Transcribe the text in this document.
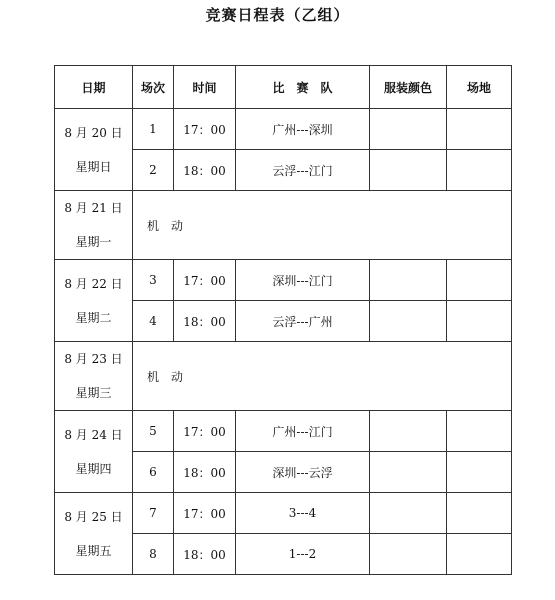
竞赛日程表（乙组）
日期	场次	时间	比　赛　队	服装颜色	场地

8 月 20 日
星期日	1	17：00	广州---深圳		
	2	18：00	云浮---江门		

8 月 21 日
星期一	机动				

8 月 22 日
星期二	3	17：00	深圳---江门		
	4	18：00	云浮---广州		

8 月 23 日
星期三	机动				

8 月 24 日
星期四	5	17：00	广州---江门		
	6	18：00	深圳---云浮		

8 月 25 日
星期五	7	17：00	3---4		
	8	18：00	1---2		
